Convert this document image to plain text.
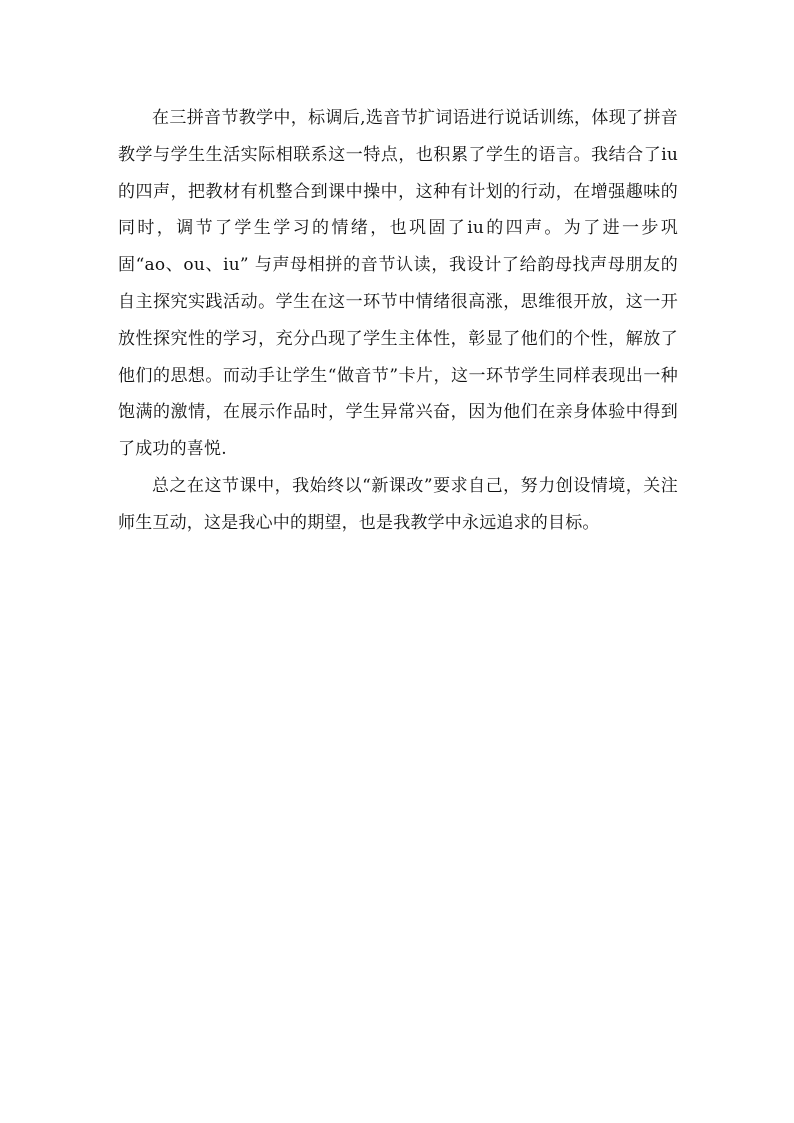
在三拼音节教学中，标调后,选音节扩词语进行说话训练，体现了拼音教学与学生生活实际相联系这一特点，也积累了学生的语言。我结合了iu的四声，把教材有机整合到课中操中，这种有计划的行动，在增强趣味的同时，调节了学生学习的情绪，也巩固了iu的四声。为了进一步巩固“ao、ou、iu” 与声母相拼的音节认读，我设计了给韵母找声母朋友的自主探究实践活动。学生在这一环节中情绪很高涨，思维很开放，这一开放性探究性的学习，充分凸现了学生主体性，彰显了他们的个性，解放了他们的思想。而动手让学生“做音节”卡片，这一环节学生同样表现出一种饱满的激情，在展示作品时，学生异常兴奋，因为他们在亲身体验中得到了成功的喜悦.

总之在这节课中，我始终以“新课改”要求自己，努力创设情境，关注师生互动，这是我心中的期望，也是我教学中永远追求的目标。
